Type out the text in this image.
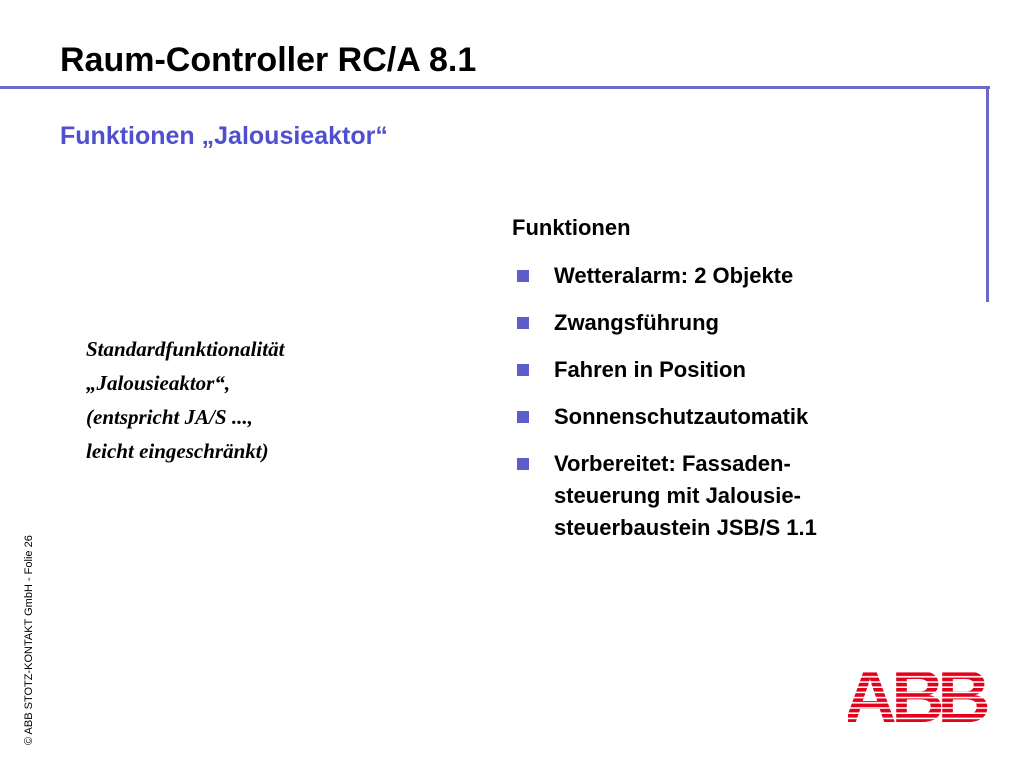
Raum-Controller RC/A 8.1
Funktionen „Jalousieaktor“
Standardfunktionalität
„Jalousieaktor“,
(entspricht JA/S ...,
leicht eingeschränkt)
Funktionen
Wetteralarm: 2 Objekte
Zwangsführung
Fahren in Position
Sonnenschutzautomatik
Vorbereitet: Fassaden-
steuerung mit Jalousie-
steuerbaustein JSB/S 1.1
© ABB STOTZ-KONTAKT GmbH - Folie 26
